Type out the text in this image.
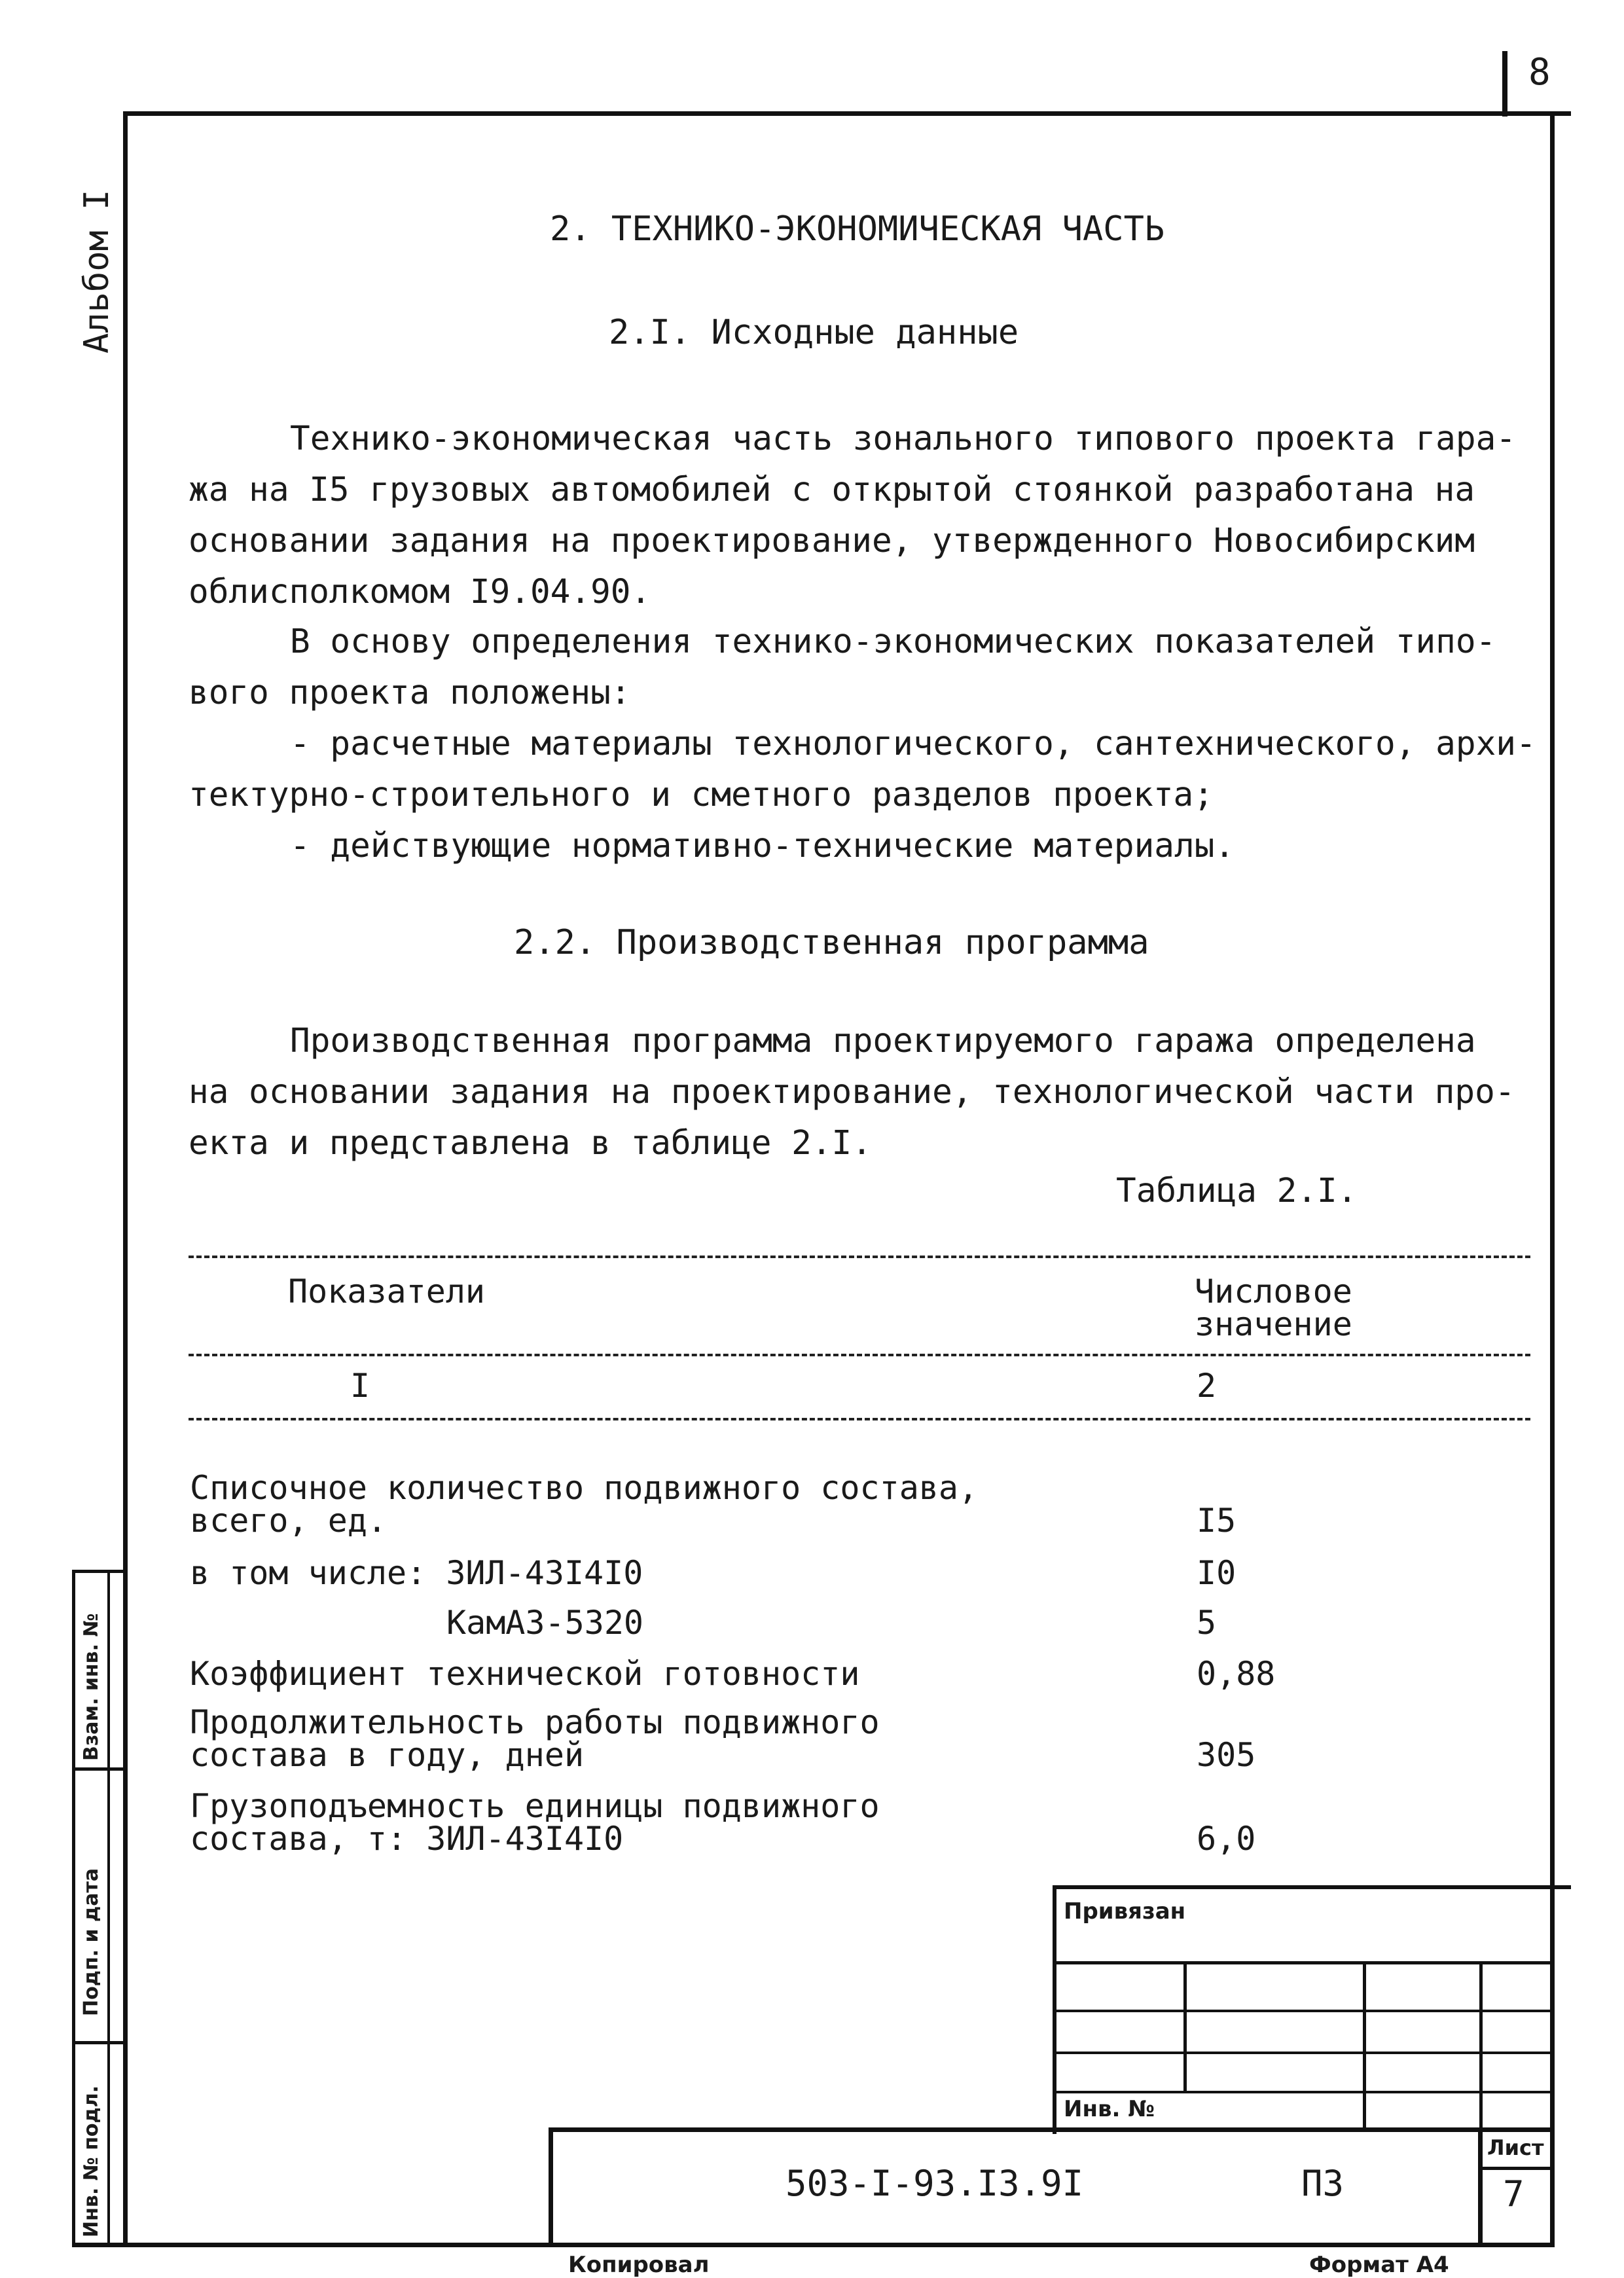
8
Альбом I	2. ТЕХНИКО-ЭКОНОМИЧЕСКАЯ ЧАСТЬ
2.I. Исходные данные
Технико-экономическая часть зонального типового проекта гара-
жа на I5 грузовых автомобилей с открытой стоянкой разработана на
основании задания на проектирование, утвержденного Новосибирским
облисполкомом I9.04.90.
В основу определения технико-экономических показателей типо-
вого проекта положены:
- расчетные материалы технологического, сантехнического, архи-
тектурно-строительного и сметного разделов проекта;
- действующие нормативно-технические материалы.
2.2. Производственная программа
Производственная программа проектируемого гаража определена
на основании задания на проектирование, технологической части про-
екта и представлена в таблице 2.I.
Таблица 2.I.
Показатели	Числовое
значение
I	2
Списочное количество подвижного состава,
всего, ед.	I5
в том числе: ЗИЛ-43I4I0	I0
КамАЗ-5320	5
Коэффициент технической готовности	0,88
Продолжительность работы подвижного
состава в году, дней	305
Грузоподъемность единицы подвижного
состава, т: ЗИЛ-43I4I0	6,0
Привязан
Инв. №
503-I-93.I3.9I	ПЗ
Лист
7
Взам. инв. №
Подп. и дата
Инв. № подл.
Копировал	Формат А4
